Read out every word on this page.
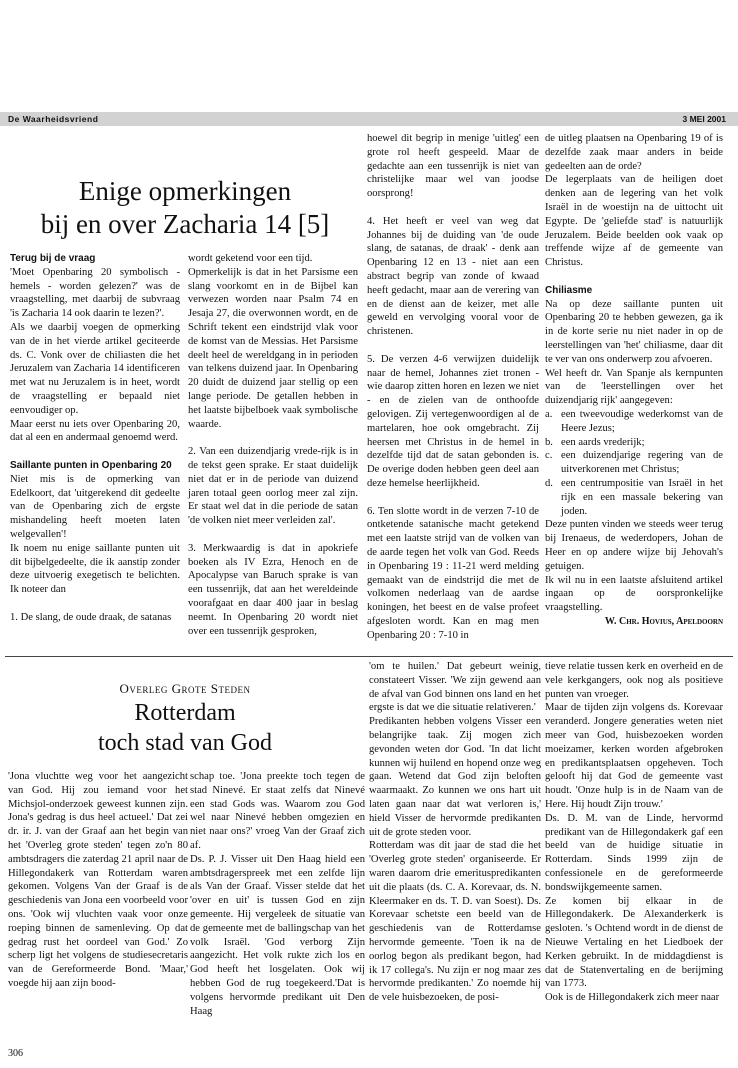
De Waarheidsvriend	3 MEI 2001
Enige opmerkingen
bij en over Zacharia 14 [5]
Terug bij de vraag

'Moet Openbaring 20 symbolisch - hemels - worden gelezen?' was de vraagstelling, met daarbij de subvraag 'is Zacharia 14 ook daarin te lezen?'.

Als we daarbij voegen de opmerking van de in het vierde artikel geciteerde ds. C. Vonk over de chiliasten die het Jeruzalem van Zacharia 14 identificeren met wat nu Jeruzalem is in heet, wordt de vraagstelling er bepaald niet eenvoudiger op.

Maar eerst nu iets over Openbaring 20, dat al een en andermaal genoemd werd.

Saillante punten in Openbaring 20

Niet mis is de opmerking van Edelkoort, dat 'uitgerekend dit gedeelte van de Openbaring zich de ergste mishandeling heeft moeten laten welgevallen'!

Ik noem nu enige saillante punten uit dit bijbelgedeelte, die ik aanstip zonder deze uitvoerig exegetisch te belichten. Ik noteer dan

1. De slang, de oude draak, de satanas

wordt geketend voor een tijd.

Opmerkelijk is dat in het Parsisme een slang voorkomt en in de Bijbel kan verwezen worden naar Psalm 74 en Jesaja 27, die overwonnen wordt, en de Schrift tekent een eindstrijd vlak voor de komst van de Messias. Het Parsisme deelt heel de wereldgang in in perioden van telkens duizend jaar. In Openbaring 20 duidt de duizend jaar stellig op een lange periode. De getallen hebben in het laatste bijbelboek vaak symbolische waarde.

2. Van een duizendjarig vrede-rijk is in de tekst geen sprake. Er staat duidelijk niet dat er in de periode van duizend jaren totaal geen oorlog meer zal zijn. Er staat wel dat in die periode de satan 'de volken niet meer verleiden zal'.

3. Merkwaardig is dat in apokriefe boeken als IV Ezra, Henoch en de Apocalypse van Baruch sprake is van een tussenrijk, dat aan het wereldeinde voorafgaat en daar 400 jaar in beslag neemt. In Openbaring 20 wordt niet over een tussenrijk gesproken,

hoewel dit begrip in menige 'uitleg' een grote rol heeft gespeeld. Maar de gedachte aan een tussenrijk is niet van christelijke maar wel van joodse oorsprong!

4. Het heeft er veel van weg dat Johannes bij de duiding van 'de oude slang, de satanas, de draak' - denk aan Openbaring 12 en 13 - niet aan een abstract begrip van zonde of kwaad heeft gedacht, maar aan de verering van en de dienst aan de keizer, met alle geweld en vervolging vooral voor de christenen.

5. De verzen 4-6 verwijzen duidelijk naar de hemel, Johannes ziet tronen - wie daarop zitten horen en lezen we niet - en de zielen van de onthoofde gelovigen. Zij vertegenwoordigen al de martelaren, hoe ook omgebracht. Zij heersen met Christus in de hemel in dezelfde tijd dat de satan gebonden is. De overige doden hebben geen deel aan deze hemelse heerlijkheid.

6. Ten slotte wordt in de verzen 7-10 de ontketende satanische macht getekend met een laatste strijd van de volken van de aarde tegen het volk van God. Reeds in Openbaring 19 : 11-21 werd melding gemaakt van de eindstrijd die met de volkomen nederlaag van de aardse koningen, het beest en de valse profeet afgesloten wordt. Kan en mag men Openbaring 20 : 7-10 in

de uitleg plaatsen na Openbaring 19 of is dezelfde zaak maar anders in beide gedeelten aan de orde?

De legerplaats van de heiligen doet denken aan de legering van het volk Israël in de woestijn na de uittocht uit Egypte. De 'geliefde stad' is natuurlijk Jeruzalem. Beide beelden ook vaak op treffende wijze af de gemeente van Christus.

Chiliasme

Na op deze saillante punten uit Openbaring 20 te hebben gewezen, ga ik in de korte serie nu niet nader in op de leerstellingen van 'het' chiliasme, daar dit te ver van ons onderwerp zou afvoeren.

Wel heeft dr. Van Spanje als kernpunten van de 'leerstellingen over het duizendjarig rijk' aangegeven:

a. een tweevoudige wederkomst van de Heere Jezus;
b. een aards vrederijk;
c. een duizendjarige regering van de uitverkorenen met Christus;
d. een centrumpositie van Israël in het rijk en een massale bekering van joden.

Deze punten vinden we steeds weer terug bij Irenaeus, de wederdopers, Johan de Heer en op andere wijze bij Jehovah's getuigen.

Ik wil nu in een laatste afsluitend artikel ingaan op de oorspronkelijke vraagstelling.

W. Chr. Hovius, Apeldoorn

Overleg Grote Steden
Rotterdam
toch stad van God
'Jona vluchtte weg voor het aangezicht van God. Hij zou iemand voor het Michsjol-onderzoek geweest kunnen zijn. Jona's gedrag is dus heel actueel.' Dat zei dr. ir. J. van der Graaf aan het begin van het 'Overleg grote steden' tegen zo'n 80 ambtsdragers die zaterdag 21 april naar de Hillegondakerk van Rotterdam waren gekomen. Volgens Van der Graaf is de geschiedenis van Jona een voorbeeld voor ons. 'Ook wij vluchten vaak voor onze roeping binnen de samenleving. Op dat gedrag rust het oordeel van God.' Zo scherp ligt het volgens de studiesecretaris van de Gereformeerde Bond. 'Maar,' voegde hij aan zijn bood-
schap toe. 'Jona preekte toch tegen de stad Ninevé. Er staat zelfs dat Ninevé een stad Gods was. Waarom zou God wel naar Ninevé hebben omgezien en niet naar ons?' vroeg Van der Graaf zich af.
Ds. P. J. Visser uit Den Haag hield een ambtsdragerspreek met een zelfde lijn als Van der Graaf. Visser stelde dat het 'over en uit' is tussen God en zijn gemeente. Hij vergeleek de situatie van de gemeente met de ballingschap van het volk Israël. 'God verborg Zijn aangezicht. Het volk rukte zich los en God heeft het losgelaten. Ook wij hebben God de rug toegekeerd.'Dat is volgens hervormde predikant uit Den Haag
'om te huilen.' Dat gebeurt weinig, constateert Visser. 'We zijn gewend aan de afval van God binnen ons land en het ergste is dat we die situatie relativeren.'
Predikanten hebben volgens Visser een belangrijke taak. Zij mogen zich gevonden weten dor God. 'In dat licht kunnen wij huilend en hopend onze weg gaan. Wetend dat God zijn beloften waarmaakt. Zo kunnen we ons hart uit laten gaan naar dat wat verloren is,' hield Visser de hervormde predikanten uit de grote steden voor.
Rotterdam was dit jaar de stad die het 'Overleg grote steden' organiseerde. Er waren daarom drie emerituspredikanten uit die plaats (ds. C. A. Korevaar, ds. N. Kleermaker en ds. T. D. van Soest). Ds. Korevaar schetste een beeld van de geschiedenis van de Rotterdamse hervormde gemeente. 'Toen ik na de oorlog begon als predikant begon, had ik 17 collega's. Nu zijn er nog maar zes hervormde predikanten.' Zo noemde hij de vele huisbezoeken, de posi-
tieve relatie tussen kerk en overheid en de vele kerkgangers, ook nog als positieve punten van vroeger.
Maar de tijden zijn volgens ds. Korevaar veranderd. Jongere generaties weten niet meer van God, huisbezoeken worden moeizamer, kerken worden afgebroken en predikantsplaatsen opgeheven. Toch gelooft hij dat God de gemeente vast houdt. 'Onze hulp is in de Naam van de Here. Hij houdt Zijn trouw.'
Ds. D. M. van de Linde, hervormd predikant van de Hillegondakerk gaf een beeld van de huidige situatie in Rotterdam. Sinds 1999 zijn de confessionele en de gereformeerde bondswijkgemeente samen.
Ze komen bij elkaar in de Hillegondakerk. De Alexanderkerk is gesloten. 's Ochtend wordt in de dienst de Nieuwe Vertaling en het Liedboek der Kerken gebruikt. In de middagdienst is dat de Statenvertaling en de berijming van 1773.
Ook is de Hillegondakerk zich meer naar
306
